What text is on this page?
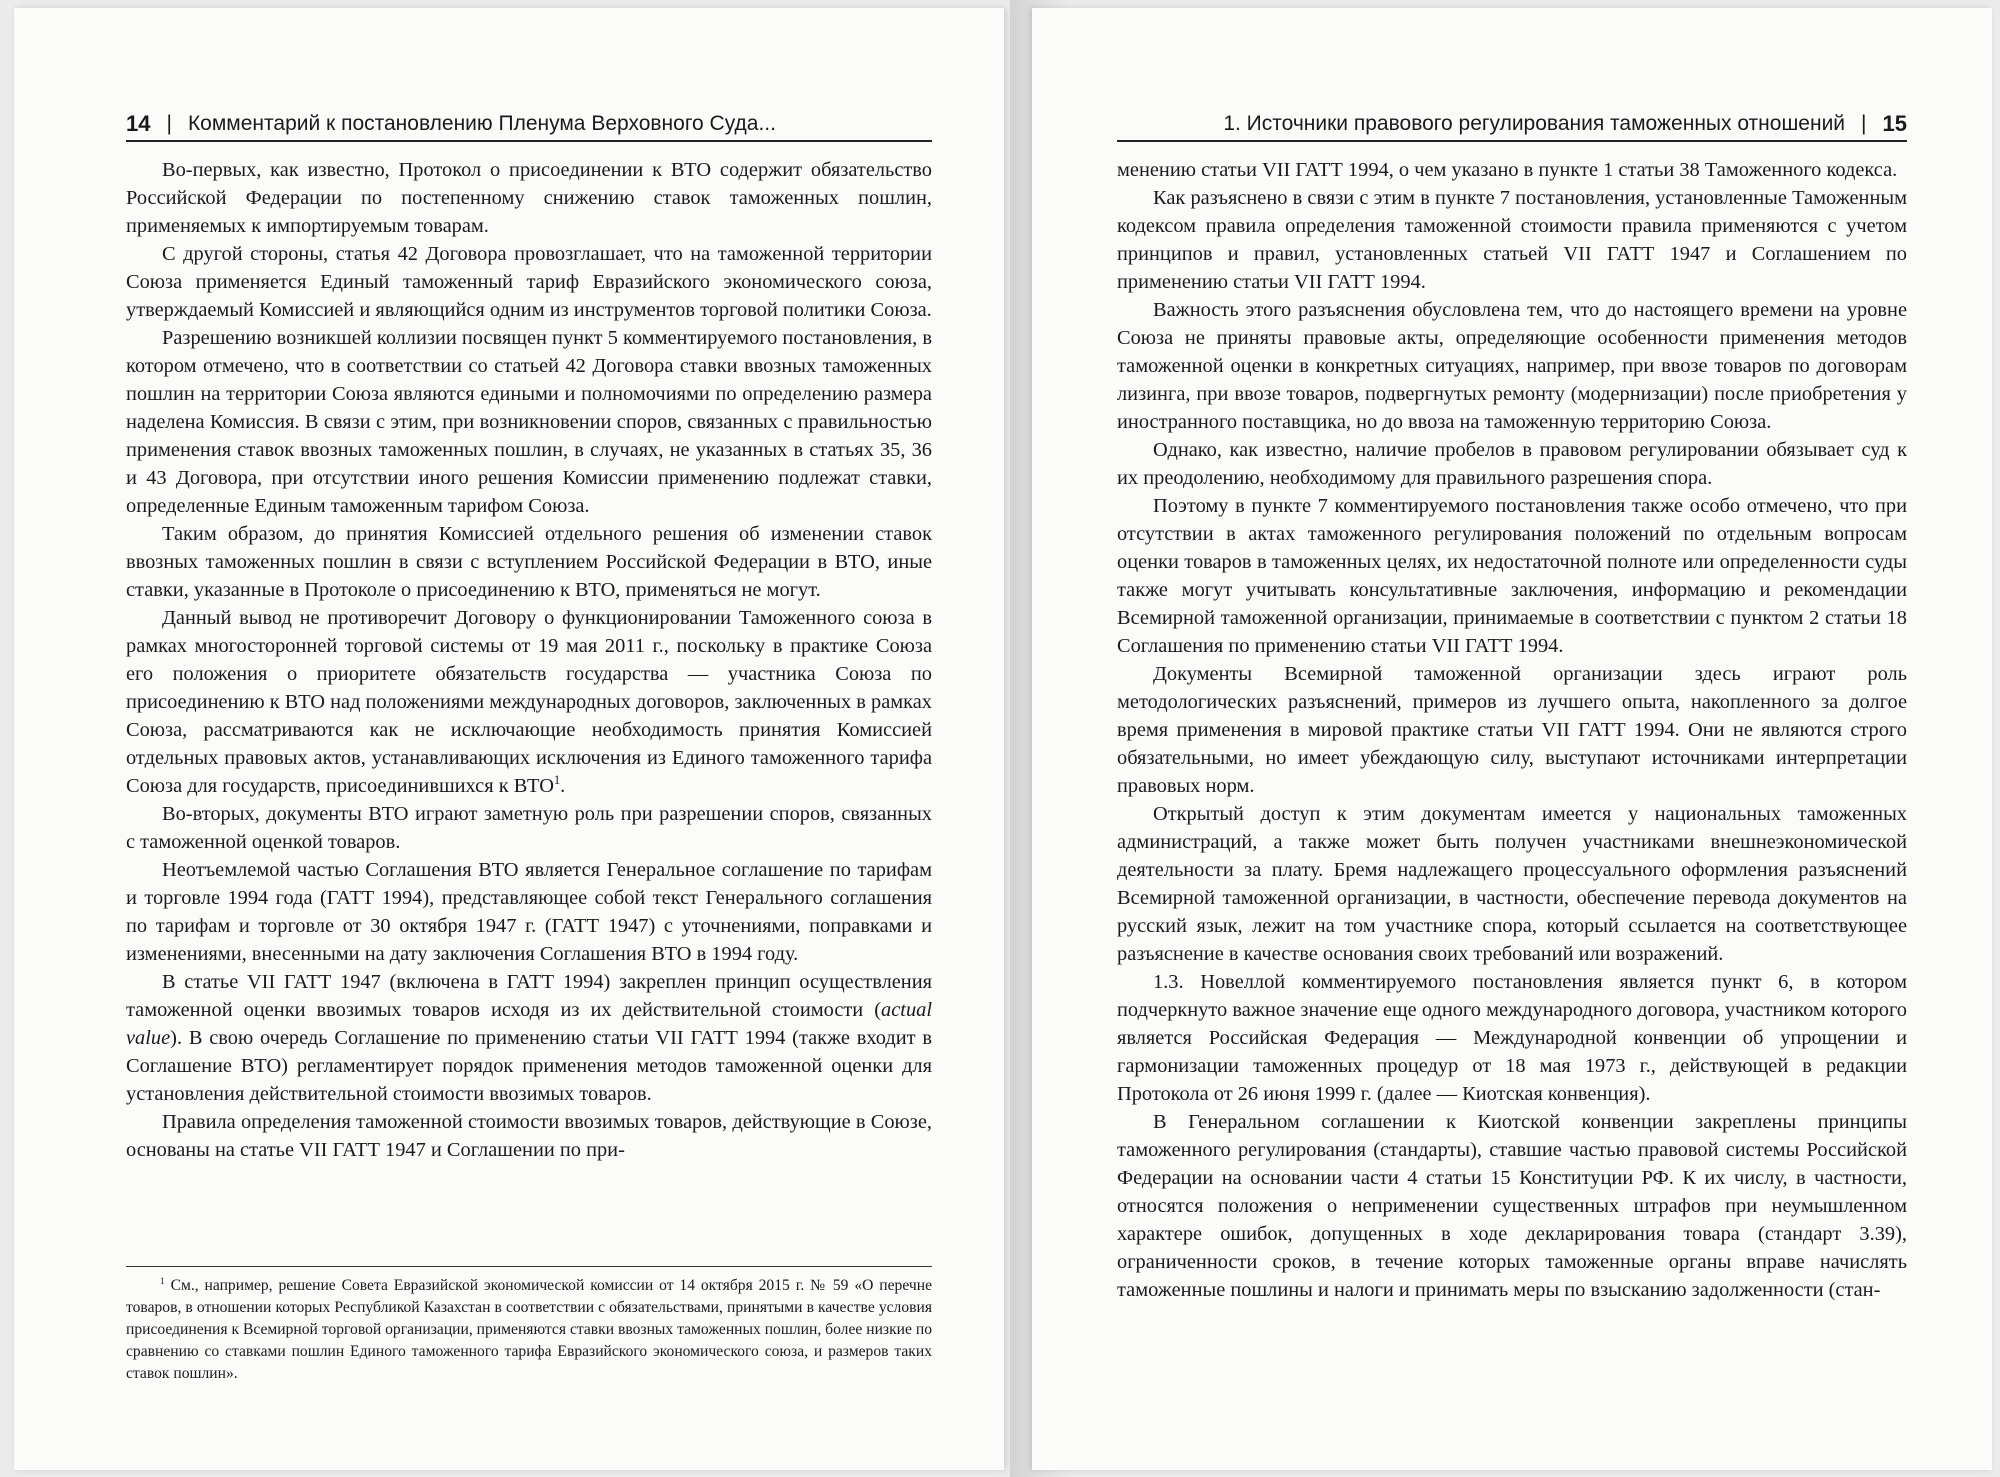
14 | Комментарий к постановлению Пленума Верховного Суда...

Во-первых, как известно, Протокол о присоединении к ВТО содержит обязательство Российской Федерации по постепенному снижению ставок таможенных пошлин, применяемых к импортируемым товарам.

С другой стороны, статья 42 Договора провозглашает, что на таможенной территории Союза применяется Единый таможенный тариф Евразийского экономического союза, утверждаемый Комиссией и являющийся одним из инструментов торговой политики Союза.

Разрешению возникшей коллизии посвящен пункт 5 комментируемого постановления, в котором отмечено, что в соответствии со статьей 42 Договора ставки ввозных таможенных пошлин на территории Союза являются едиными и полномочиями по определению размера наделена Комиссия. В связи с этим, при возникновении споров, связанных с правильностью применения ставок ввозных таможенных пошлин, в случаях, не указанных в статьях 35, 36 и 43 Договора, при отсутствии иного решения Комиссии применению подлежат ставки, определенные Единым таможенным тарифом Союза.

Таким образом, до принятия Комиссией отдельного решения об изменении ставок ввозных таможенных пошлин в связи с вступлением Российской Федерации в ВТО, иные ставки, указанные в Протоколе о присоединению к ВТО, применяться не могут.

Данный вывод не противоречит Договору о функционировании Таможенного союза в рамках многосторонней торговой системы от 19 мая 2011 г., поскольку в практике Союза его положения о приоритете обязательств государства — участника Союза по присоединению к ВТО над положениями международных договоров, заключенных в рамках Союза, рассматриваются как не исключающие необходимость принятия Комиссией отдельных правовых актов, устанавливающих исключения из Единого таможенного тарифа Союза для государств, присоединившихся к ВТО$^1$.

Во-вторых, документы ВТО играют заметную роль при разрешении споров, связанных с таможенной оценкой товаров.

Неотъемлемой частью Соглашения ВТО является Генеральное соглашение по тарифам и торговле 1994 года (ГАТТ 1994), представляющее собой текст Генерального соглашения по тарифам и торговле от 30 октября 1947 г. (ГАТТ 1947) с уточнениями, поправками и изменениями, внесенными на дату заключения Соглашения ВТО в 1994 году.

В статье VII ГАТТ 1947 (включена в ГАТТ 1994) закреплен принцип осуществления таможенной оценки ввозимых товаров исходя из их действительной стоимости (actual value). В свою очередь Соглашение по применению статьи VII ГАТТ 1994 (также входит в Соглашение ВТО) регламентирует порядок применения методов таможенной оценки для установления действительной стоимости ввозимых товаров.

Правила определения таможенной стоимости ввозимых товаров, действующие в Союзе, основаны на статье VII ГАТТ 1947 и Соглашении по при-

$^1$ См., например, решение Совета Евразийской экономической комиссии от 14 октября 2015 г. № 59 «О перечне товаров, в отношении которых Республикой Казахстан в соответствии с обязательствами, принятыми в качестве условия присоединения к Всемирной торговой организации, применяются ставки ввозных таможенных пошлин, более низкие по сравнению со ставками пошлин Единого таможенного тарифа Евразийского экономического союза, и размеров таких ставок пошлин».

1. Источники правового регулирования таможенных отношений | 15

менению статьи VII ГАТТ 1994, о чем указано в пункте 1 статьи 38 Таможенного кодекса.

Как разъяснено в связи с этим в пункте 7 постановления, установленные Таможенным кодексом правила определения таможенной стоимости правила применяются с учетом принципов и правил, установленных статьей VII ГАТТ 1947 и Соглашением по применению статьи VII ГАТТ 1994.

Важность этого разъяснения обусловлена тем, что до настоящего времени на уровне Союза не приняты правовые акты, определяющие особенности применения методов таможенной оценки в конкретных ситуациях, например, при ввозе товаров по договорам лизинга, при ввозе товаров, подвергнутых ремонту (модернизации) после приобретения у иностранного поставщика, но до ввоза на таможенную территорию Союза.

Однако, как известно, наличие пробелов в правовом регулировании обязывает суд к их преодолению, необходимому для правильного разрешения спора.

Поэтому в пункте 7 комментируемого постановления также особо отмечено, что при отсутствии в актах таможенного регулирования положений по отдельным вопросам оценки товаров в таможенных целях, их недостаточной полноте или определенности суды также могут учитывать консультативные заключения, информацию и рекомендации Всемирной таможенной организации, принимаемые в соответствии с пунктом 2 статьи 18 Соглашения по применению статьи VII ГАТТ 1994.

Документы Всемирной таможенной организации здесь играют роль методологических разъяснений, примеров из лучшего опыта, накопленного за долгое время применения в мировой практике статьи VII ГАТТ 1994. Они не являются строго обязательными, но имеет убеждающую силу, выступают источниками интерпретации правовых норм.

Открытый доступ к этим документам имеется у национальных таможенных администраций, а также может быть получен участниками внешнеэкономической деятельности за плату. Бремя надлежащего процессуального оформления разъяснений Всемирной таможенной организации, в частности, обеспечение перевода документов на русский язык, лежит на том участнике спора, который ссылается на соответствующее разъяснение в качестве основания своих требований или возражений.

1.3. Новеллой комментируемого постановления является пункт 6, в котором подчеркнуто важное значение еще одного международного договора, участником которого является Российская Федерация — Международной конвенции об упрощении и гармонизации таможенных процедур от 18 мая 1973 г., действующей в редакции Протокола от 26 июня 1999 г. (далее — Киотская конвенция).

В Генеральном соглашении к Киотской конвенции закреплены принципы таможенного регулирования (стандарты), ставшие частью правовой системы Российской Федерации на основании части 4 статьи 15 Конституции РФ. К их числу, в частности, относятся положения о неприменении существенных штрафов при неумышленном характере ошибок, допущенных в ходе декларирования товара (стандарт 3.39), ограниченности сроков, в течение которых таможенные органы вправе начислять таможенные пошлины и налоги и принимать меры по взысканию задолженности (стан-
